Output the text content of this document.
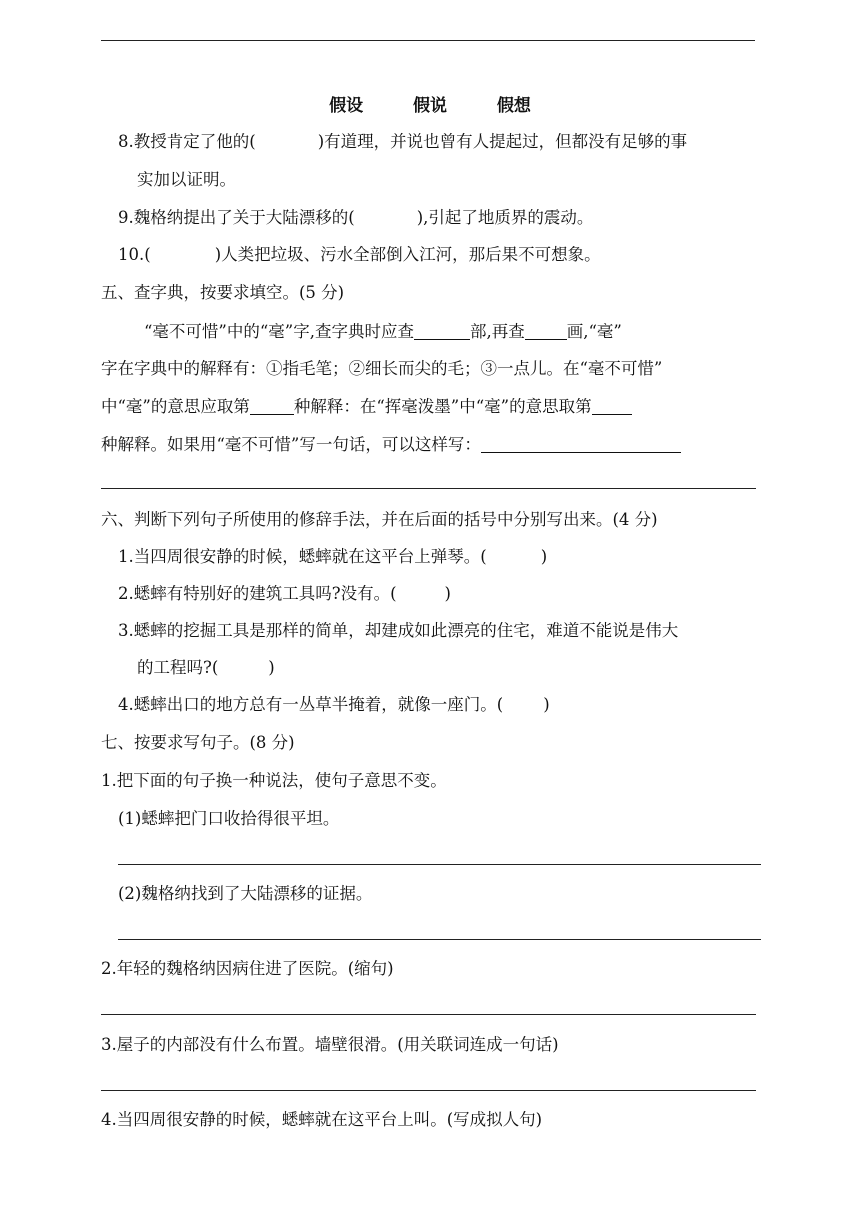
假设	假说	假想
8.教授肯定了他的(	)有道理，并说也曾有人提起过，但都没有足够的事
实加以证明。
9.魏格纳提出了关于大陆漂移的(	),引起了地质界的震动。
10.(	)人类把垃圾、污水全部倒入江河，那后果不可想象。
五、查字典，按要求填空。(5 分)
“毫不可惜”中的“毫”字,查字典时应查	部,再查	画,“毫”
字在字典中的解释有：①指毛笔；②细长而尖的毛；③一点儿。在“毫不可惜”
中“毫”的意思应取第	种解释：在“挥毫泼墨”中“毫”的意思取第
种解释。如果用“毫不可惜”写一句话，可以这样写：
六、判断下列句子所使用的修辞手法，并在后面的括号中分别写出来。(4 分)
1.当四周很安静的时候，蟋蟀就在这平台上弹琴。(	)
2.蟋蟀有特别好的建筑工具吗?没有。(	)
3.蟋蟀的挖掘工具是那样的简单，却建成如此漂亮的住宅，难道不能说是伟大
的工程吗?(	)
4.蟋蟀出口的地方总有一丛草半掩着，就像一座门。( )
七、按要求写句子。(8 分)
1.把下面的句子换一种说法，使句子意思不变。
(1)蟋蟀把门口收拾得很平坦。
(2)魏格纳找到了大陆漂移的证据。
2.年轻的魏格纳因病住进了医院。(缩句)
3.屋子的内部没有什么布置。墙壁很滑。(用关联词连成一句话)
4.当四周很安静的时候，蟋蟀就在这平台上叫。(写成拟人句)
